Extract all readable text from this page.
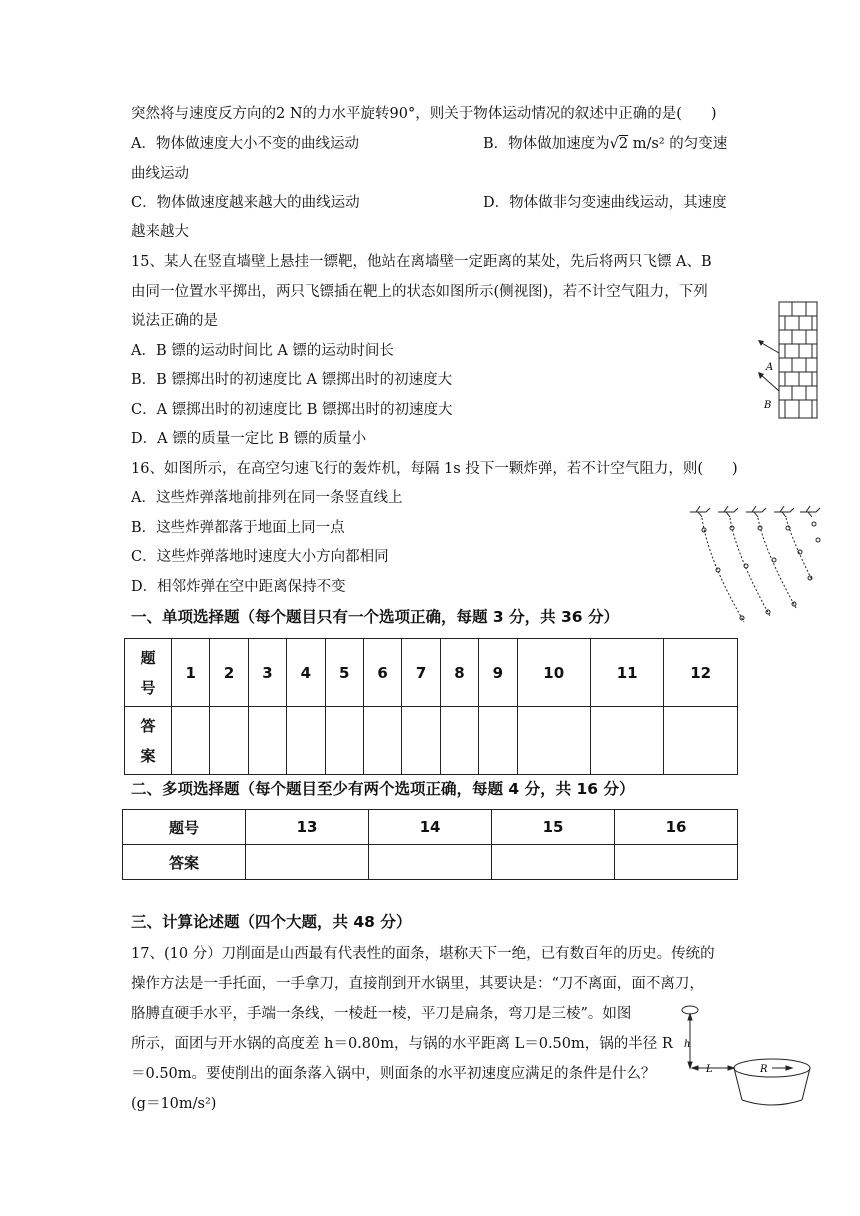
突然将与速度反方向的2 N的力水平旋转90°，则关于物体运动情况的叙述中正确的是(　　)
A．物体做速度大小不变的曲线运动	B．物体做加速度为√2 m/s² 的匀变速
曲线运动
C．物体做速度越来越大的曲线运动	D．物体做非匀变速曲线运动，其速度
越来越大
15、某人在竖直墙壁上悬挂一镖靶，他站在离墙壁一定距离的某处，先后将两只飞镖 A、B
由同一位置水平掷出，两只飞镖插在靶上的状态如图所示(侧视图)，若不计空气阻力，下列
说法正确的是
A．B 镖的运动时间比 A 镖的运动时间长
B．B 镖掷出时的初速度比 A 镖掷出时的初速度大
C．A 镖掷出时的初速度比 B 镖掷出时的初速度大
D．A 镖的质量一定比 B 镖的质量小
A
B
16、如图所示，在高空匀速飞行的轰炸机，每隔 1s 投下一颗炸弹，若不计空气阻力，则(　　)
A．这些炸弹落地前排列在同一条竖直线上
B．这些炸弹都落于地面上同一点
C．这些炸弹落地时速度大小方向都相同
D．相邻炸弹在空中距离保持不变
一、单项选择题（每个题目只有一个选项正确，每题 3 分，共 36 分）
题号	1	2	3	4	5	6	7	8	9	10	11	12
答案												
二、多项选择题（每个题目至少有两个选项正确，每题 4 分，共 16 分）
题号	13	14	15	16
答案				
三、计算论述题（四个大题，共 48 分）
17、(10 分）刀削面是山西最有代表性的面条，堪称天下一绝，已有数百年的历史。传统的
操作方法是一手托面，一手拿刀，直接削到开水锅里，其要诀是：“刀不离面，面不离刀，
胳膊直硬手水平，手端一条线，一棱赶一棱，平刀是扁条，弯刀是三棱”。如图
所示，面团与开水锅的高度差 h＝0.80m，与锅的水平距离 L＝0.50m，锅的半径 R
＝0.50m。要使削出的面条落入锅中，则面条的水平初速度应满足的条件是什么？
(g＝10m/s²)
h
L	R
